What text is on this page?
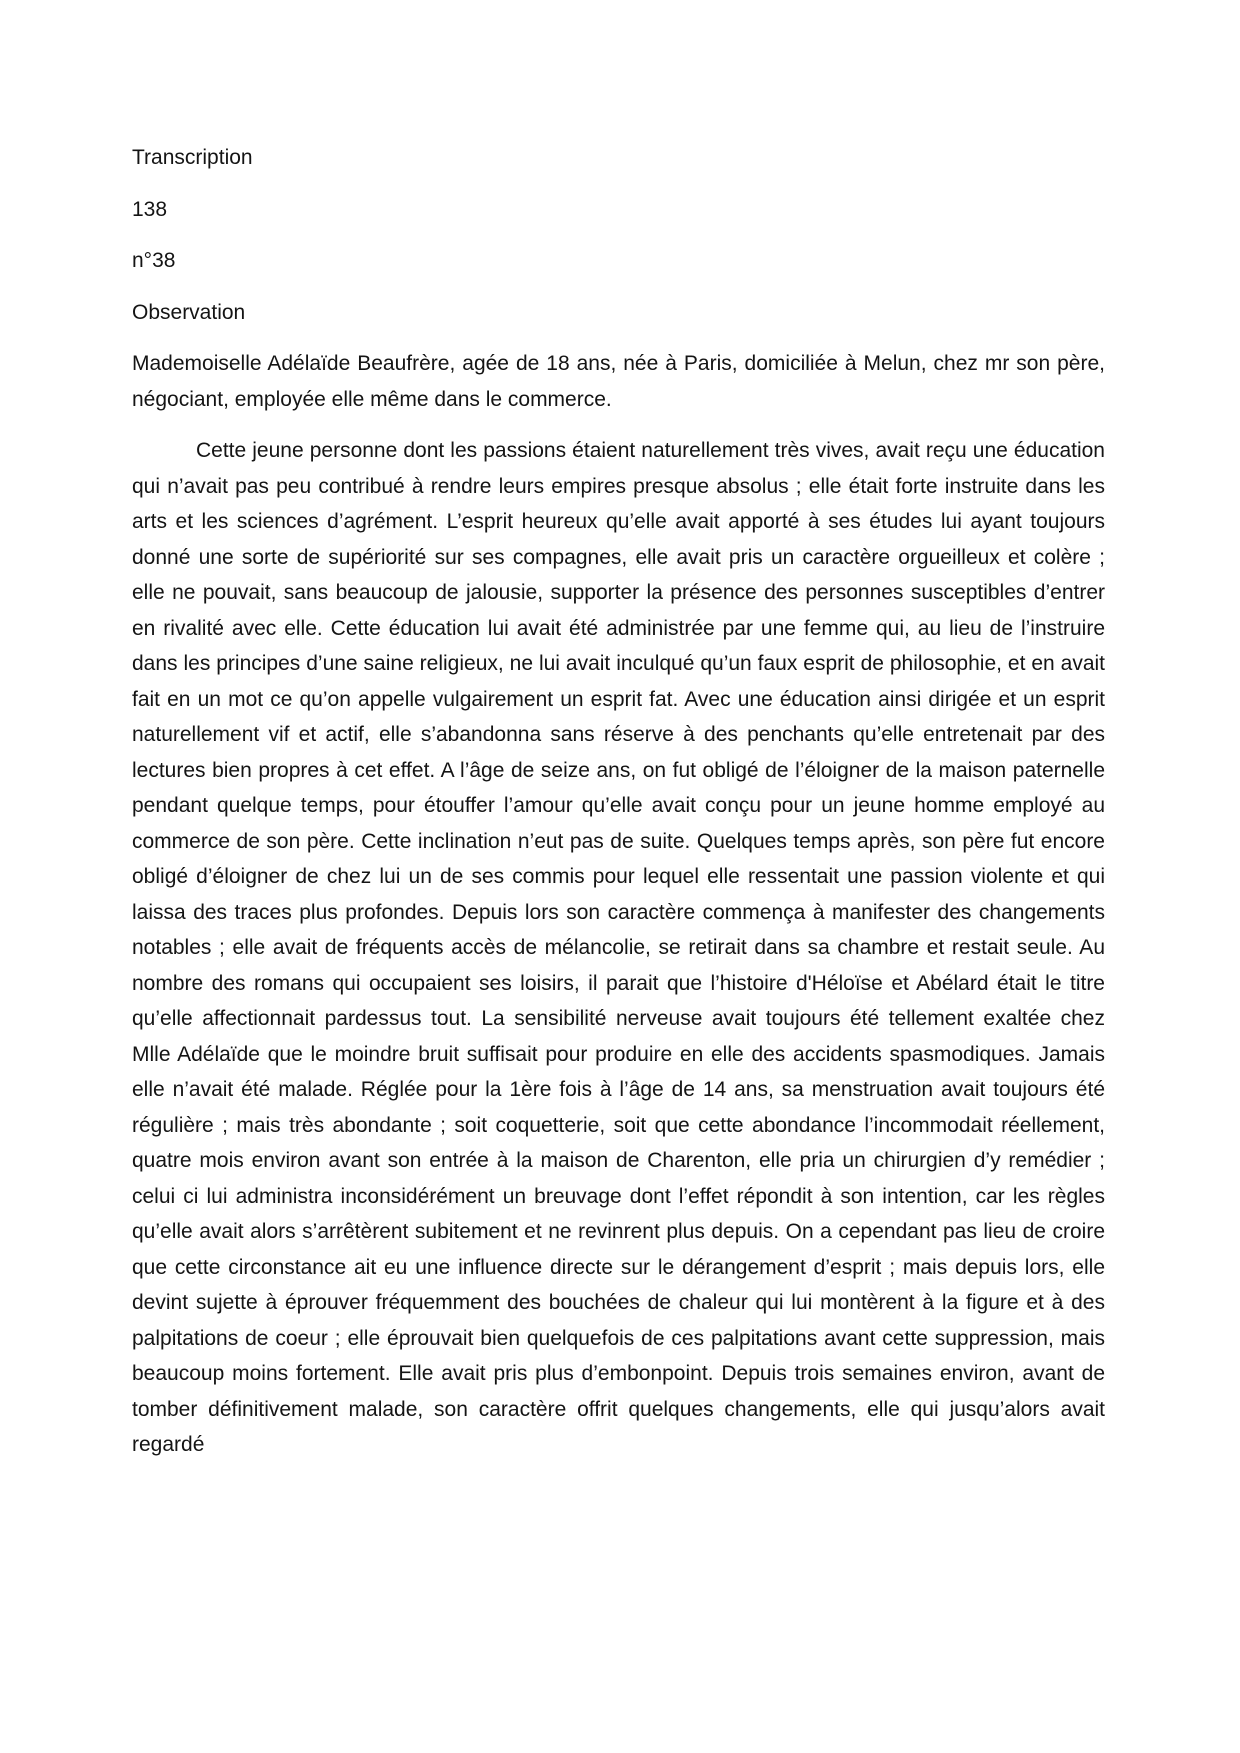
Transcription

138

n°38

Observation

Mademoiselle Adélaïde Beaufrère, agée de 18 ans, née à Paris, domiciliée à Melun, chez mr son père, négociant, employée elle même dans le commerce.

Cette jeune personne dont les passions étaient naturellement très vives, avait reçu une éducation qui n’avait pas peu contribué à rendre leurs empires presque absolus ; elle était forte instruite dans les arts et les sciences d’agrément. L’esprit heureux qu’elle avait apporté à ses études lui ayant toujours donné une sorte de supériorité sur ses compagnes, elle avait pris un caractère orgueilleux et colère ; elle ne pouvait, sans beaucoup de jalousie, supporter la présence des personnes susceptibles d’entrer en rivalité avec elle. Cette éducation lui avait été administrée par une femme qui, au lieu de l’instruire dans les principes d’une saine religieux, ne lui avait inculqué qu’un faux esprit de philosophie, et en avait fait en un mot ce qu’on appelle vulgairement un esprit fat. Avec une éducation ainsi dirigée et un esprit naturellement vif et actif, elle s’abandonna sans réserve à des penchants qu’elle entretenait par des lectures bien propres à cet effet. A l’âge de seize ans, on fut obligé de l’éloigner de la maison paternelle pendant quelque temps, pour étouffer l’amour qu’elle avait conçu pour un jeune homme employé au commerce de son père. Cette inclination n’eut pas de suite. Quelques temps après, son père fut encore obligé d’éloigner de chez lui un de ses commis pour lequel elle ressentait une passion violente et qui laissa des traces plus profondes. Depuis lors son caractère commença à manifester des changements notables ; elle avait de fréquents accès de mélancolie, se retirait dans sa chambre et restait seule. Au nombre des romans qui occupaient ses loisirs, il parait que l’histoire d'Héloïse et Abélard était le titre qu’elle affectionnait pardessus tout. La sensibilité nerveuse avait toujours été tellement exaltée chez Mlle Adélaïde que le moindre bruit suffisait pour produire en elle des accidents spasmodiques. Jamais elle n’avait été malade. Réglée pour la 1ère fois à l’âge de 14 ans, sa menstruation avait toujours été régulière ; mais très abondante ; soit coquetterie, soit que cette abondance l’incommodait réellement, quatre mois environ avant son entrée à la maison de Charenton, elle pria un chirurgien d’y remédier ; celui ci lui administra inconsidérément un breuvage dont l’effet répondit à son intention, car les règles qu’elle avait alors s’arrêtèrent subitement et ne revinrent plus depuis. On a cependant pas lieu de croire que cette circonstance ait eu une influence directe sur le dérangement d’esprit ; mais depuis lors, elle devint sujette à éprouver fréquemment des bouchées de chaleur qui lui montèrent à la figure et à des palpitations de coeur ; elle éprouvait bien quelquefois de ces palpitations avant cette suppression, mais beaucoup moins fortement. Elle avait pris plus d’embonpoint. Depuis trois semaines environ, avant de tomber définitivement malade, son caractère offrit quelques changements, elle qui jusqu’alors avait regardé
